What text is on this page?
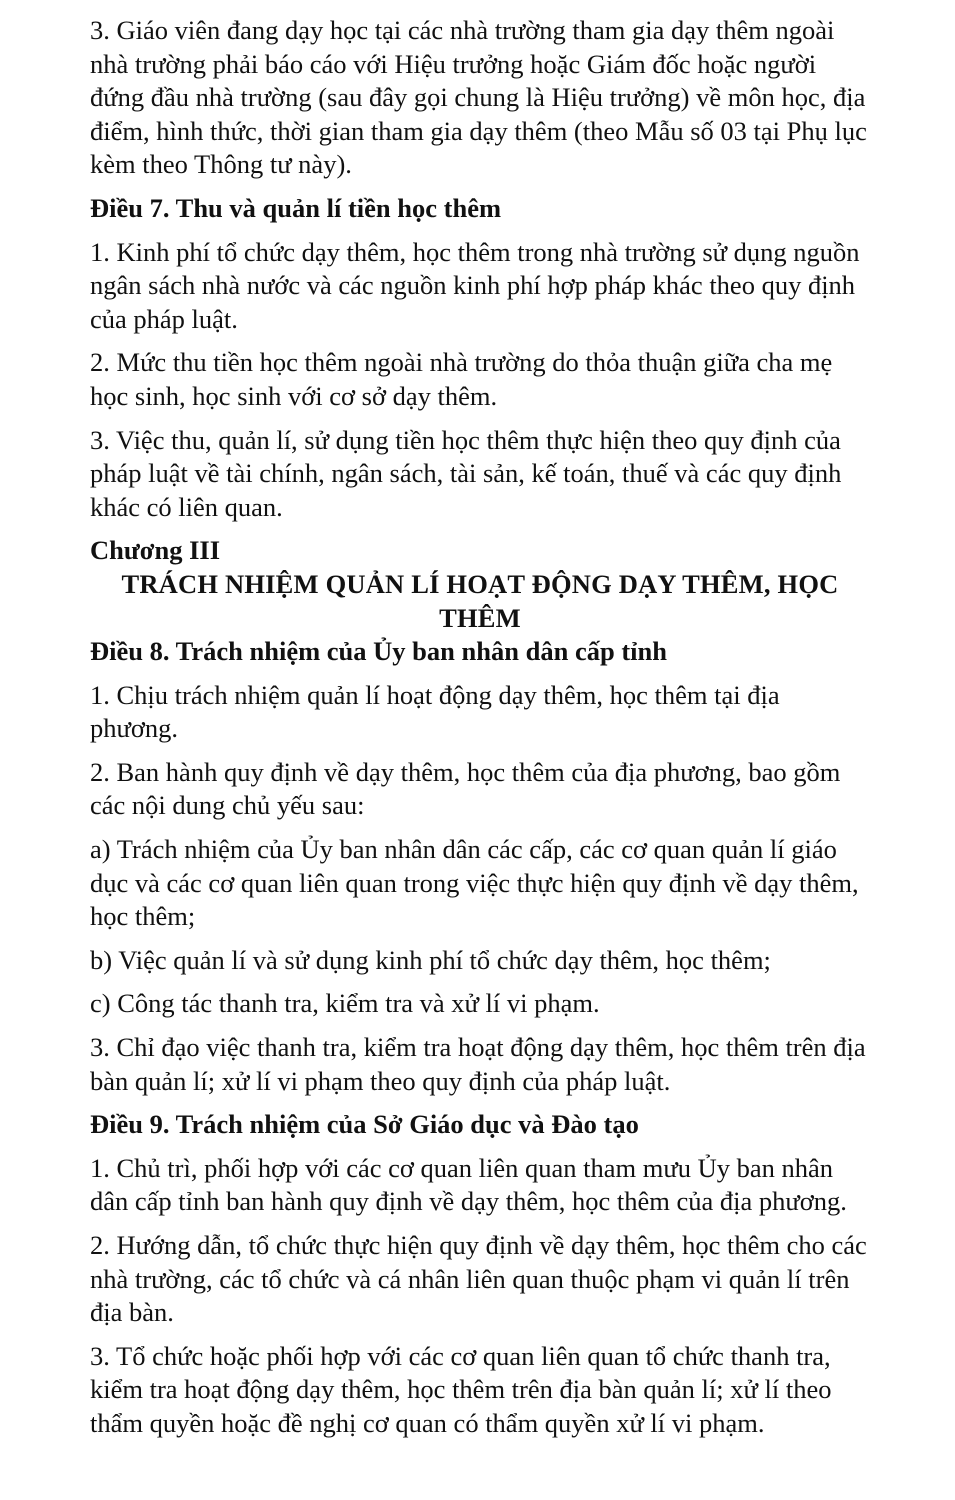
3. Giáo viên đang dạy học tại các nhà trường tham gia dạy thêm ngoài nhà trường phải báo cáo với Hiệu trưởng hoặc Giám đốc hoặc người đứng đầu nhà trường (sau đây gọi chung là Hiệu trưởng) về môn học, địa điểm, hình thức, thời gian tham gia dạy thêm (theo Mẫu số 03 tại Phụ lục kèm theo Thông tư này).

Điều 7. Thu và quản lí tiền học thêm

1. Kinh phí tổ chức dạy thêm, học thêm trong nhà trường sử dụng nguồn ngân sách nhà nước và các nguồn kinh phí hợp pháp khác theo quy định của pháp luật.

2. Mức thu tiền học thêm ngoài nhà trường do thỏa thuận giữa cha mẹ học sinh, học sinh với cơ sở dạy thêm.

3. Việc thu, quản lí, sử dụng tiền học thêm thực hiện theo quy định của pháp luật về tài chính, ngân sách, tài sản, kế toán, thuế và các quy định khác có liên quan.

Chương III

TRÁCH NHIỆM QUẢN LÍ HOẠT ĐỘNG DẠY THÊM, HỌC THÊM

Điều 8. Trách nhiệm của Ủy ban nhân dân cấp tỉnh

1. Chịu trách nhiệm quản lí hoạt động dạy thêm, học thêm tại địa phương.

2. Ban hành quy định về dạy thêm, học thêm của địa phương, bao gồm các nội dung chủ yếu sau:

a) Trách nhiệm của Ủy ban nhân dân các cấp, các cơ quan quản lí giáo dục và các cơ quan liên quan trong việc thực hiện quy định về dạy thêm, học thêm;

b) Việc quản lí và sử dụng kinh phí tổ chức dạy thêm, học thêm;

c) Công tác thanh tra, kiểm tra và xử lí vi phạm.

3. Chỉ đạo việc thanh tra, kiểm tra hoạt động dạy thêm, học thêm trên địa bàn quản lí; xử lí vi phạm theo quy định của pháp luật.

Điều 9. Trách nhiệm của Sở Giáo dục và Đào tạo

1. Chủ trì, phối hợp với các cơ quan liên quan tham mưu Ủy ban nhân dân cấp tỉnh ban hành quy định về dạy thêm, học thêm của địa phương.

2. Hướng dẫn, tổ chức thực hiện quy định về dạy thêm, học thêm cho các nhà trường, các tổ chức và cá nhân liên quan thuộc phạm vi quản lí trên địa bàn.

3. Tổ chức hoặc phối hợp với các cơ quan liên quan tổ chức thanh tra, kiểm tra hoạt động dạy thêm, học thêm trên địa bàn quản lí; xử lí theo thẩm quyền hoặc đề nghị cơ quan có thẩm quyền xử lí vi phạm.
